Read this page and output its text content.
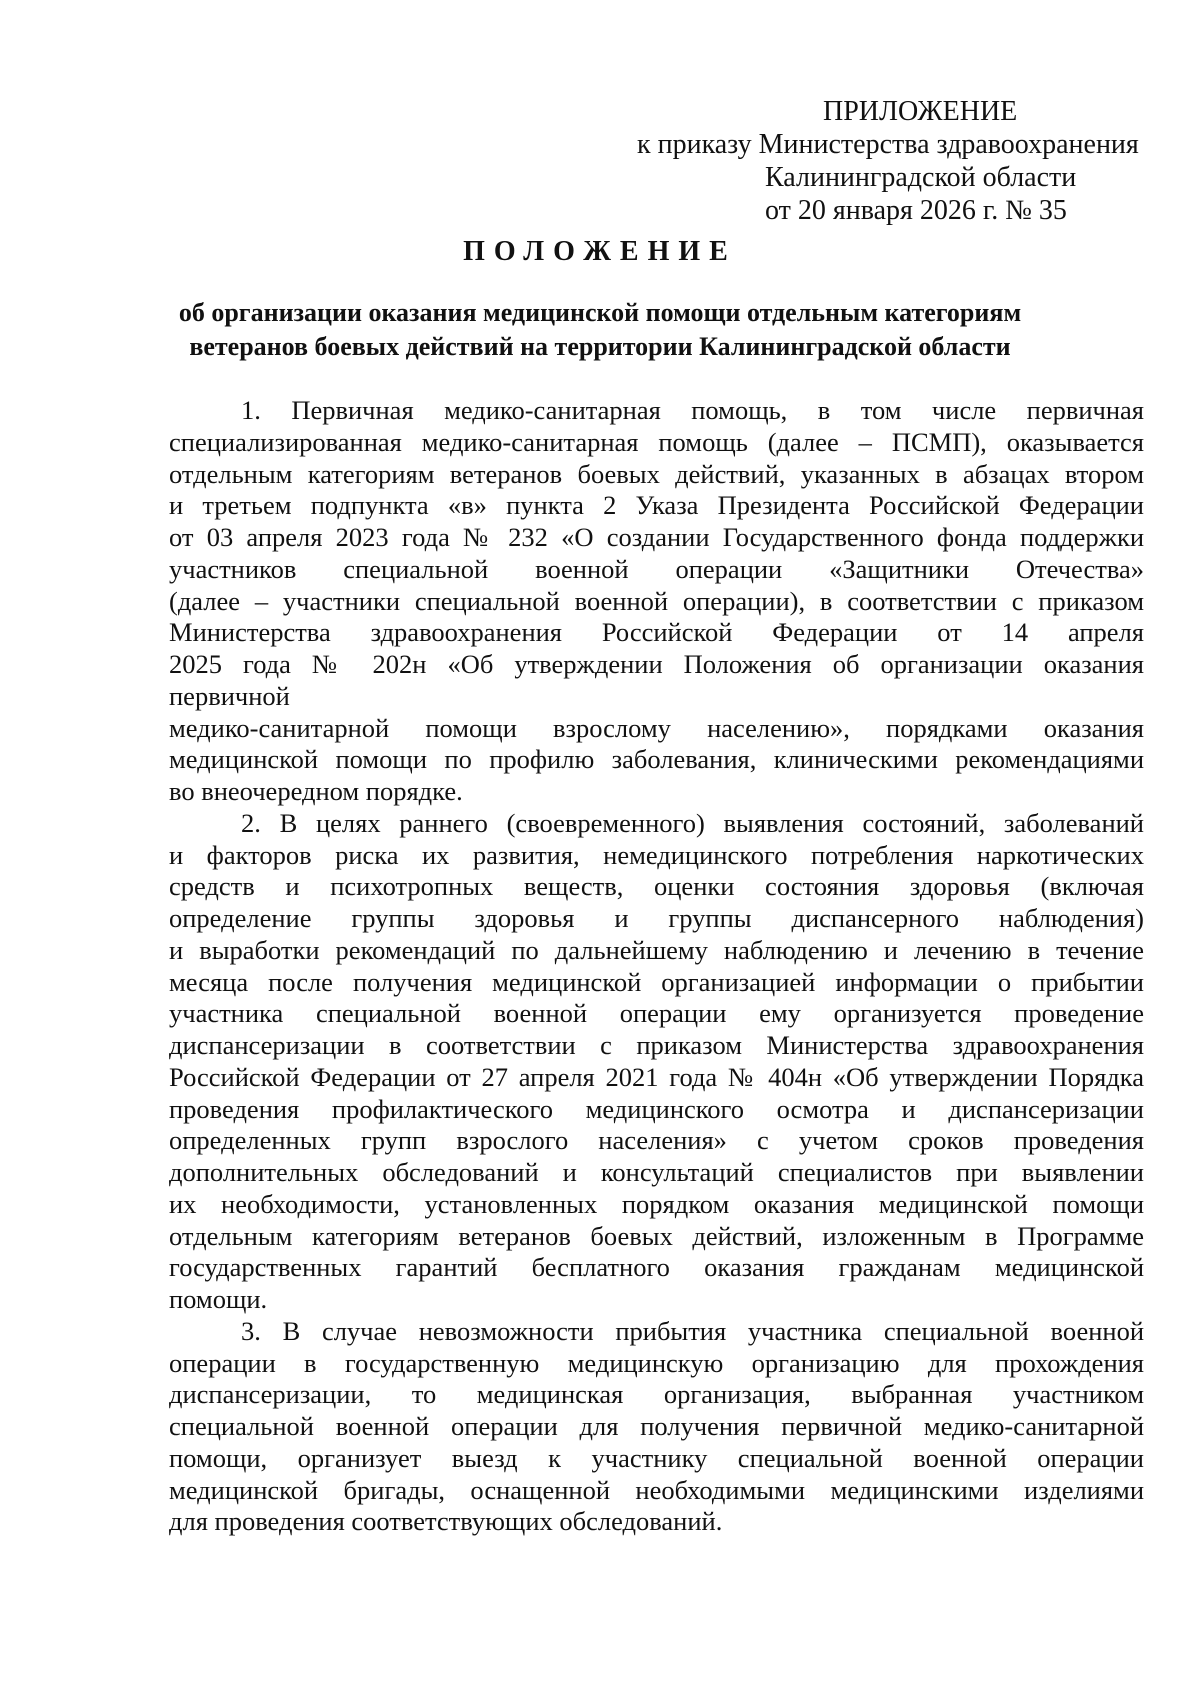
ПРИЛОЖЕНИЕ
к приказу Министерства здравоохранения
Калининградской области
от 20 января 2026 г. № 35
ПОЛОЖЕНИЕ
об организации оказания медицинской помощи отдельным категориям
ветеранов боевых действий на территории Калининградской области
1. Первичная медико-санитарная помощь, в том числе первичная
специализированная медико-санитарная помощь (далее – ПСМП), оказывается
отдельным категориям ветеранов боевых действий, указанных в абзацах втором
и третьем подпункта «в» пункта 2 Указа Президента Российской Федерации
от 03 апреля 2023 года № 232 «О создании Государственного фонда поддержки
участников специальной военной операции «Защитники Отечества»
(далее – участники специальной военной операции), в соответствии с приказом
Министерства здравоохранения Российской Федерации от 14 апреля
2025 года № 202н «Об утверждении Положения об организации оказания
первичной
медико-санитарной помощи взрослому населению», порядками оказания
медицинской помощи по профилю заболевания, клиническими рекомендациями
во внеочередном порядке.
2. В целях раннего (своевременного) выявления состояний, заболеваний
и факторов риска их развития, немедицинского потребления наркотических
средств и психотропных веществ, оценки состояния здоровья (включая
определение группы здоровья и группы диспансерного наблюдения)
и выработки рекомендаций по дальнейшему наблюдению и лечению в течение
месяца после получения медицинской организацией информации о прибытии
участника специальной военной операции ему организуется проведение
диспансеризации в соответствии с приказом Министерства здравоохранения
Российской Федерации от 27 апреля 2021 года № 404н «Об утверждении Порядка
проведения профилактического медицинского осмотра и диспансеризации
определенных групп взрослого населения» с учетом сроков проведения
дополнительных обследований и консультаций специалистов при выявлении
их необходимости, установленных порядком оказания медицинской помощи
отдельным категориям ветеранов боевых действий, изложенным в Программе
государственных гарантий бесплатного оказания гражданам медицинской
помощи.
3. В случае невозможности прибытия участника специальной военной
операции в государственную медицинскую организацию для прохождения
диспансеризации, то медицинская организация, выбранная участником
специальной военной операции для получения первичной медико-санитарной
помощи, организует выезд к участнику специальной военной операции
медицинской бригады, оснащенной необходимыми медицинскими изделиями
для проведения соответствующих обследований.
